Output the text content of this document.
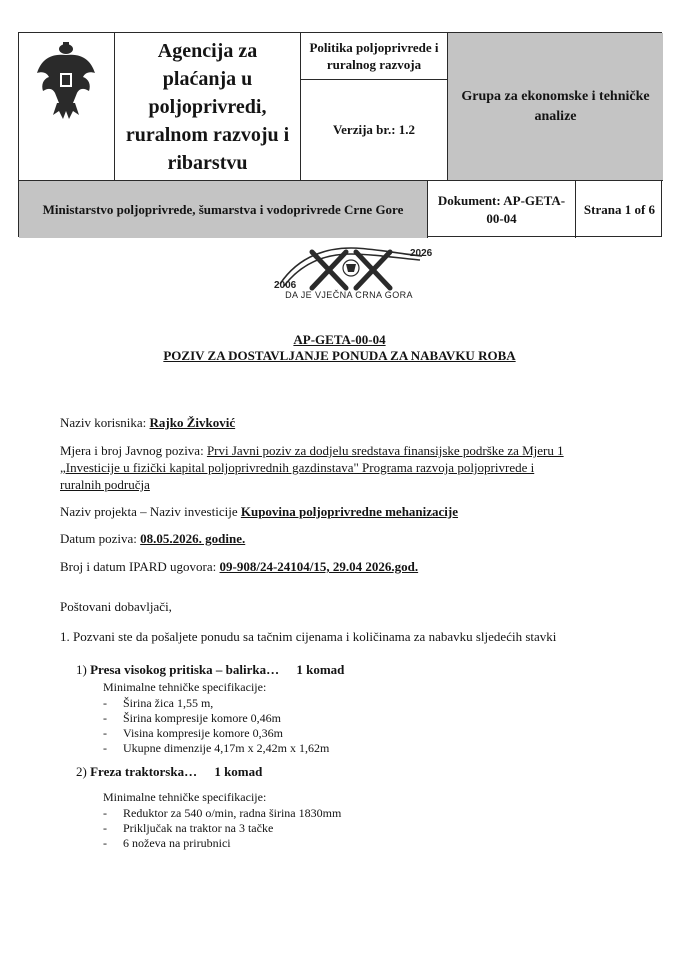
Agencija za plaćanja u poljoprivredi, ruralnom razvoju i ribarstvu
Politika poljoprivrede i ruralnog razvoja
Verzija br.: 1.2
Grupa za ekonomske i tehničke analize
Ministarstvo poljoprivrede, šumarstva i vodoprivrede Crne Gore
Dokument: AP-GETA-00-04
Strana 1 of 6
2006
2026
DA JE VJEČNA CRNA GORA
AP-GETA-00-04
POZIV ZA DOSTAVLJANJE PONUDA ZA NABAVKU ROBA
Naziv korisnika: Rajko Živković
Mjera i broj Javnog poziva: Prvi Javni poziv za dodjelu sredstava finansijske podrške za Mjeru 1
„Investicije u fizički kapital poljoprivrednih gazdinstava" Programa razvoja poljoprivrede i
ruralnih područja
Naziv projekta – Naziv investicije Kupovina poljoprivredne mehanizacije
Datum poziva: 08.05.2026. godine.
Broj i datum IPARD ugovora: 09-908/24-24104/15, 29.04 2026.god.
Poštovani dobavljači,
1. Pozvani ste da pošaljete ponudu sa tačnim cijenama i količinama za nabavku sljedećih stavki
1) Presa visokog pritiska – balirka… 1 komad
Minimalne tehničke specifikacije:
- Širina žica 1,55 m,
- Širina kompresije komore 0,46m
- Visina kompresije komore 0,36m
- Ukupne dimenzije 4,17m x 2,42m x 1,62m
2) Freza traktorska… 1 komad
Minimalne tehničke specifikacije:
- Reduktor za 540 o/min, radna širina 1830mm
- Priključak na traktor na 3 tačke
- 6 noževa na prirubnici
